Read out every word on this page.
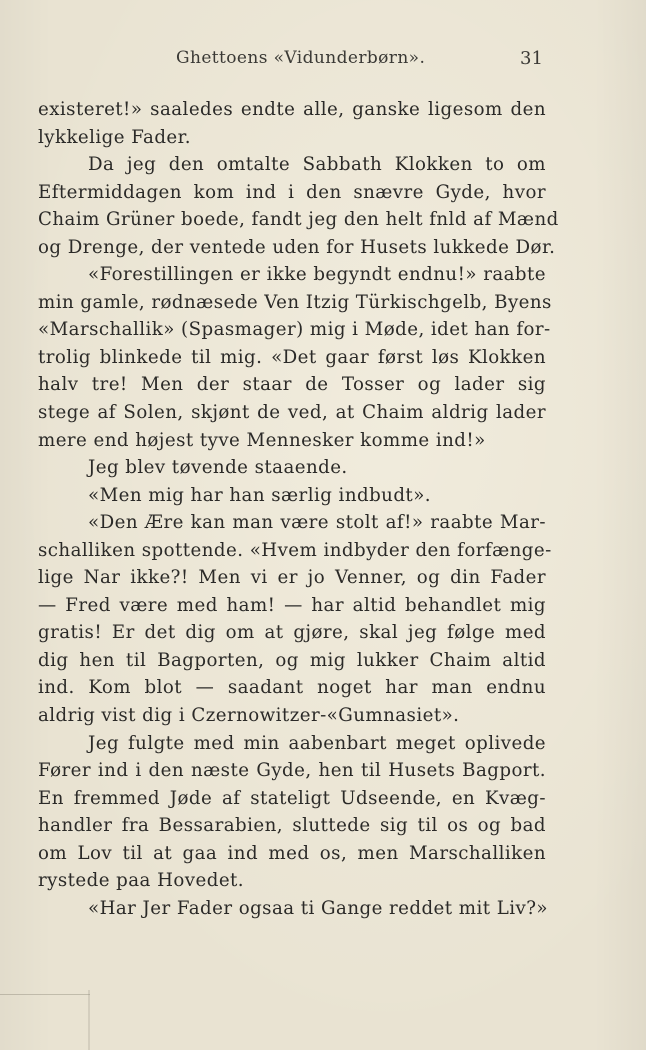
Ghettoens «Vidunderbørn».	31
existeret!» saaledes endte alle, ganske ligesom den
lykkelige Fader.
Da jeg den omtalte Sabbath Klokken to om
Eftermiddagen kom ind i den snævre Gyde, hvor
Chaim Grüner boede, fandt jeg den helt fnld af Mænd
og Drenge, der ventede uden for Husets lukkede Dør.
«Forestillingen er ikke begyndt endnu!» raabte
min gamle, rødnæsede Ven Itzig Türkischgelb, Byens
«Marschallik» (Spasmager) mig i Møde, idet han for-
trolig blinkede til mig. «Det gaar først løs Klokken
halv tre! Men der staar de Tosser og lader sig
stege af Solen, skjønt de ved, at Chaim aldrig lader
mere end højest tyve Mennesker komme ind!»
Jeg blev tøvende staaende.
«Men mig har han særlig indbudt».
«Den Ære kan man være stolt af!» raabte Mar-
schalliken spottende. «Hvem indbyder den forfænge-
lige Nar ikke?! Men vi er jo Venner, og din Fader
— Fred være med ham! — har altid behandlet mig
gratis! Er det dig om at gjøre, skal jeg følge med
dig hen til Bagporten, og mig lukker Chaim altid
ind. Kom blot — saadant noget har man endnu
aldrig vist dig i Czernowitzer-«Gumnasiet».
Jeg fulgte med min aabenbart meget oplivede
Fører ind i den næste Gyde, hen til Husets Bagport.
En fremmed Jøde af stateligt Udseende, en Kvæg-
handler fra Bessarabien, sluttede sig til os og bad
om Lov til at gaa ind med os, men Marschalliken
rystede paa Hovedet.
«Har Jer Fader ogsaa ti Gange reddet mit Liv?»
